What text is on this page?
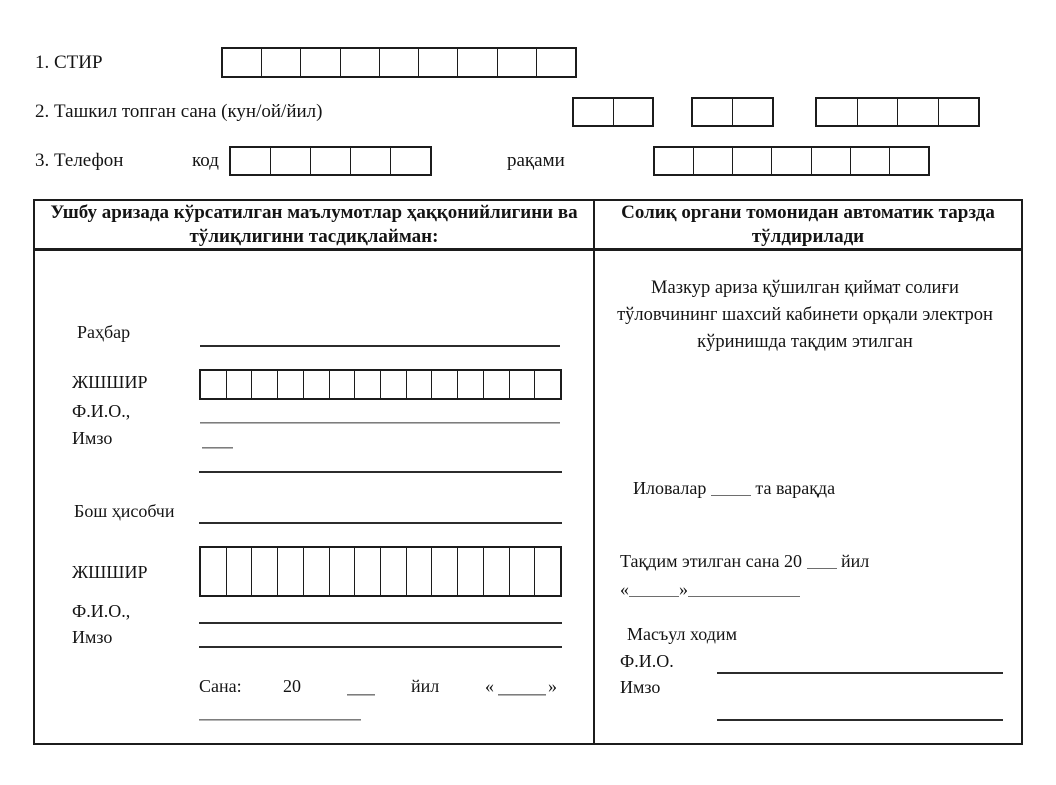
1. СТИР
2. Ташкил топган сана (кун/ой/йил)
3. Телефон	код	рақами
Ушбу аризада кўрсатилган маълумотлар ҳаққонийлигини ва тўлиқлигини тасдиқлайман:
Солиқ органи томонидан автоматик тарзда тўлдирилади
Раҳбар
ЖШШИР
Ф.И.О.,
Имзо
Бош ҳисобчи
ЖШШИР
Ф.И.О.,
Имзо
Сана: 20	йил	«	»
Мазкур ариза қўшилган қиймат солиғи тўловчининг шахсий кабинети орқали электрон кўринишда тақдим этилган
Иловалар	та варақда
Тақдим этилган сана 20 йил
«	»
Масъул ходим
Ф.И.О.
Имзо
